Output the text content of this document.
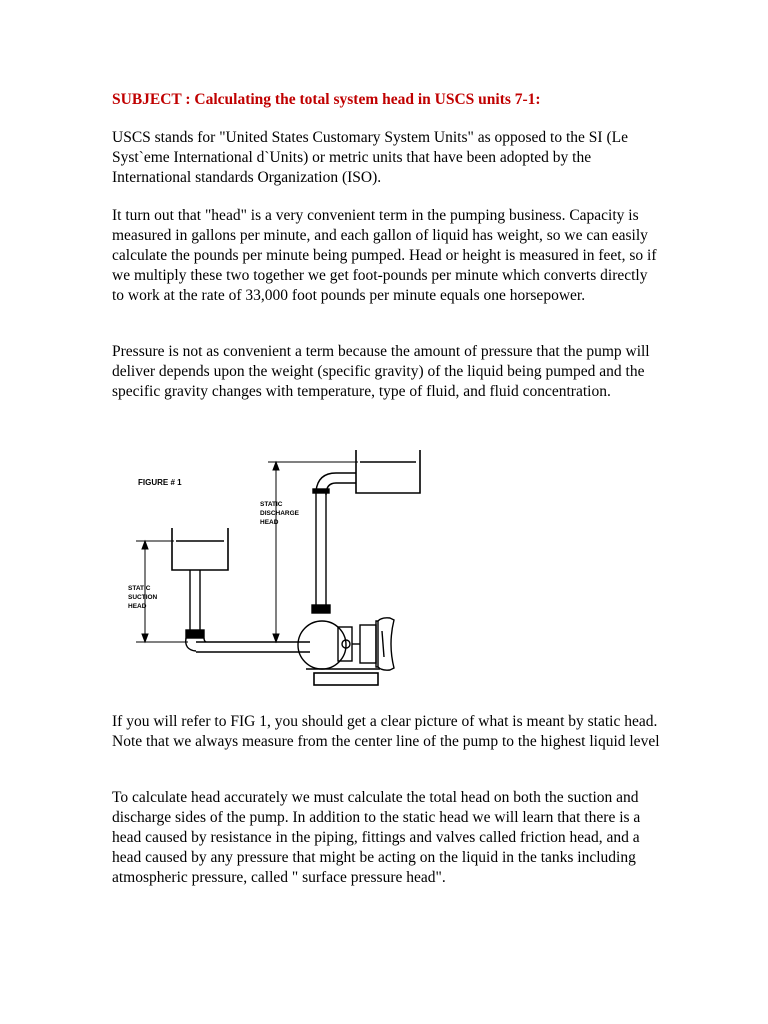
SUBJECT : Calculating the total system head in USCS units 7-1:

USCS stands for "United States Customary System Units" as opposed to the SI (Le Syst`eme International d`Units) or metric units that have been adopted by the International standards Organization (ISO).

It turn out that "head" is a very convenient term in the pumping business. Capacity is measured in gallons per minute, and each gallon of liquid has weight, so we can easily calculate the pounds per minute being pumped. Head or height is measured in feet, so if we multiply these two together we get foot-pounds per minute which converts directly to work at the rate of 33,000 foot pounds per minute equals one horsepower.

Pressure is not as convenient a term because the amount of pressure that the pump will deliver depends upon the weight (specific gravity) of the liquid being pumped and the specific gravity changes with temperature, type of fluid, and fluid concentration.

FIGURE # 1
STATIC
DISCHARGE
HEAD
STATIC
SUCTION
HEAD

If you will refer to FIG 1, you should get a clear picture of what is meant by static head. Note that we always measure from the center line of the pump to the highest liquid level

To calculate head accurately we must calculate the total head on both the suction and discharge sides of the pump. In addition to the static head we will learn that there is a head caused by resistance in the piping, fittings and valves called friction head, and a head caused by any pressure that might be acting on the liquid in the tanks including atmospheric pressure, called " surface pressure head".
